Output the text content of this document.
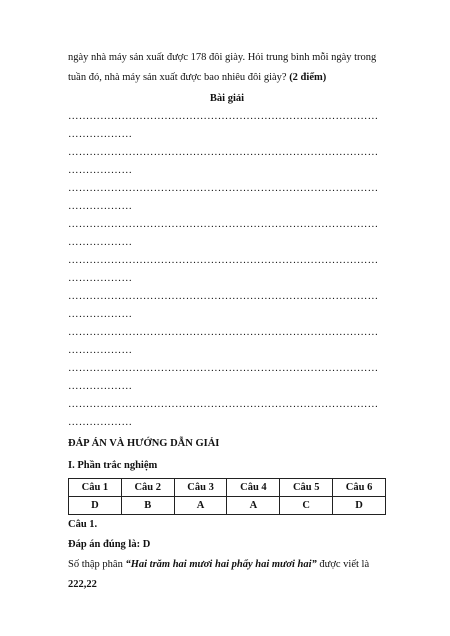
ngày nhà máy sản xuất được 178 đôi giày. Hỏi trung bình mỗi ngày trong

tuần đó, nhà máy sản xuất được bao nhiêu đôi giày? (2 điểm)

Bài giải
……………………………………………………………………………
………………
……………………………………………………………………………
………………
……………………………………………………………………………
………………
……………………………………………………………………………
………………
……………………………………………………………………………
………………
……………………………………………………………………………
………………
……………………………………………………………………………
………………
……………………………………………………………………………
………………
……………………………………………………………………………
………………
ĐÁP ÁN VÀ HƯỚNG DẪN GIẢI
I. Phần trắc nghiệm
Câu 1	Câu 2	Câu 3	Câu 4	Câu 5	Câu 6
D	B	A	A	C	D
Câu 1.
Đáp án đúng là: D

Số thập phân “Hai trăm hai mươi hai phẩy hai mươi hai” được viết là

222,22
